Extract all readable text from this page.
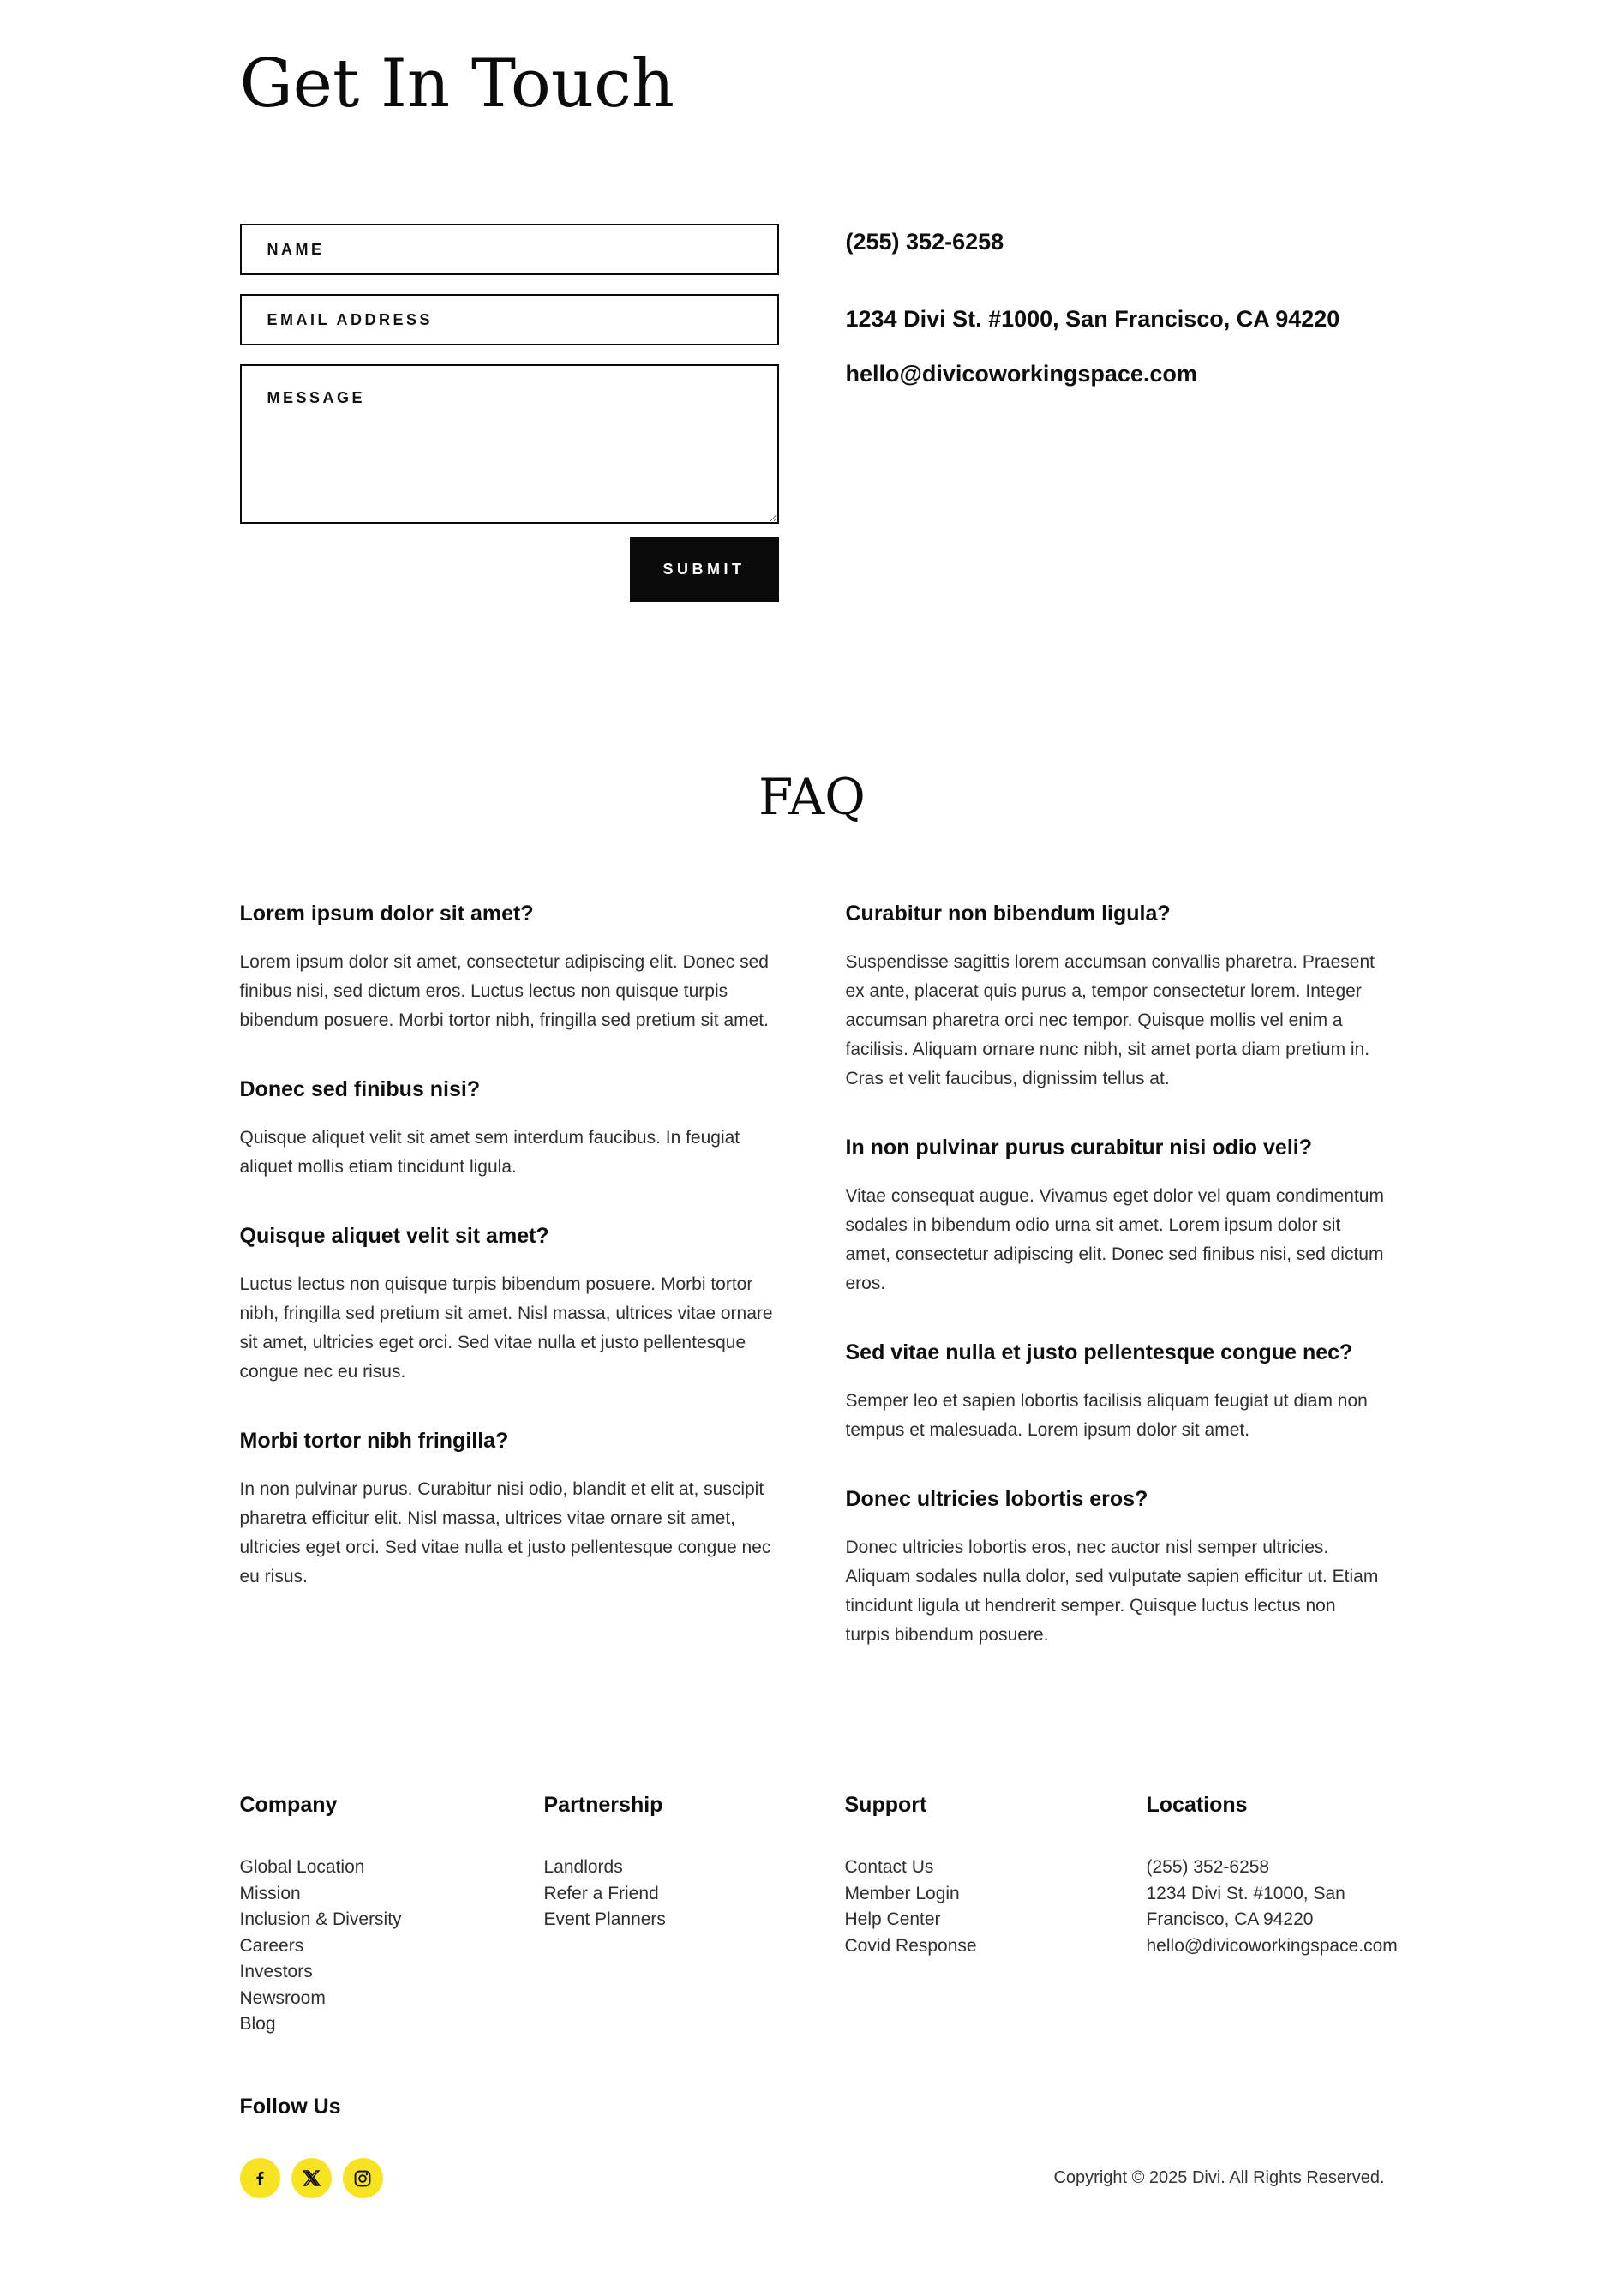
Get In Touch
NAME
EMAIL ADDRESS
MESSAGE
SUBMIT

(255) 352-6258

1234 Divi St. #1000, San Francisco, CA 94220

hello@divicoworkingspace.com

FAQ
Lorem ipsum dolor sit amet?

Lorem ipsum dolor sit amet, consectetur adipiscing elit. Donec sed finibus nisi, sed dictum eros. Luctus lectus non quisque turpis bibendum posuere. Morbi tortor nibh, fringilla sed pretium sit amet.

Donec sed finibus nisi?

Quisque aliquet velit sit amet sem interdum faucibus. In feugiat aliquet mollis etiam tincidunt ligula.

Quisque aliquet velit sit amet?

Luctus lectus non quisque turpis bibendum posuere. Morbi tortor nibh, fringilla sed pretium sit amet. Nisl massa, ultrices vitae ornare sit amet, ultricies eget orci. Sed vitae nulla et justo pellentesque congue nec eu risus.

Morbi tortor nibh fringilla?

In non pulvinar purus. Curabitur nisi odio, blandit et elit at, suscipit pharetra efficitur elit. Nisl massa, ultrices vitae ornare sit amet, ultricies eget orci. Sed vitae nulla et justo pellentesque congue nec eu risus.

Curabitur non bibendum ligula?

Suspendisse sagittis lorem accumsan convallis pharetra. Praesent ex ante, placerat quis purus a, tempor consectetur lorem. Integer accumsan pharetra orci nec tempor. Quisque mollis vel enim a facilisis. Aliquam ornare nunc nibh, sit amet porta diam pretium in. Cras et velit faucibus, dignissim tellus at.

In non pulvinar purus curabitur nisi odio veli?

Vitae consequat augue. Vivamus eget dolor vel quam condimentum sodales in bibendum odio urna sit amet. Lorem ipsum dolor sit amet, consectetur adipiscing elit. Donec sed finibus nisi, sed dictum eros.

Sed vitae nulla et justo pellentesque congue nec?

Semper leo et sapien lobortis facilisis aliquam feugiat ut diam non tempus et malesuada. Lorem ipsum dolor sit amet.

Donec ultricies lobortis eros?

Donec ultricies lobortis eros, nec auctor nisl semper ultricies. Aliquam sodales nulla dolor, sed vulputate sapien efficitur ut. Etiam tincidunt ligula ut hendrerit semper. Quisque luctus lectus non turpis bibendum posuere.

Company
Global Location
Mission
Inclusion & Diversity
Careers
Investors
Newsroom
Blog
Partnership
Landlords
Refer a Friend
Event Planners
Support
Contact Us
Member Login
Help Center
Covid Response
Locations

(255) 352-6258

1234 Divi St. #1000, San Francisco, CA 94220

hello@divicoworkingspace.com

Follow Us

Copyright © 2025 Divi. All Rights Reserved.
